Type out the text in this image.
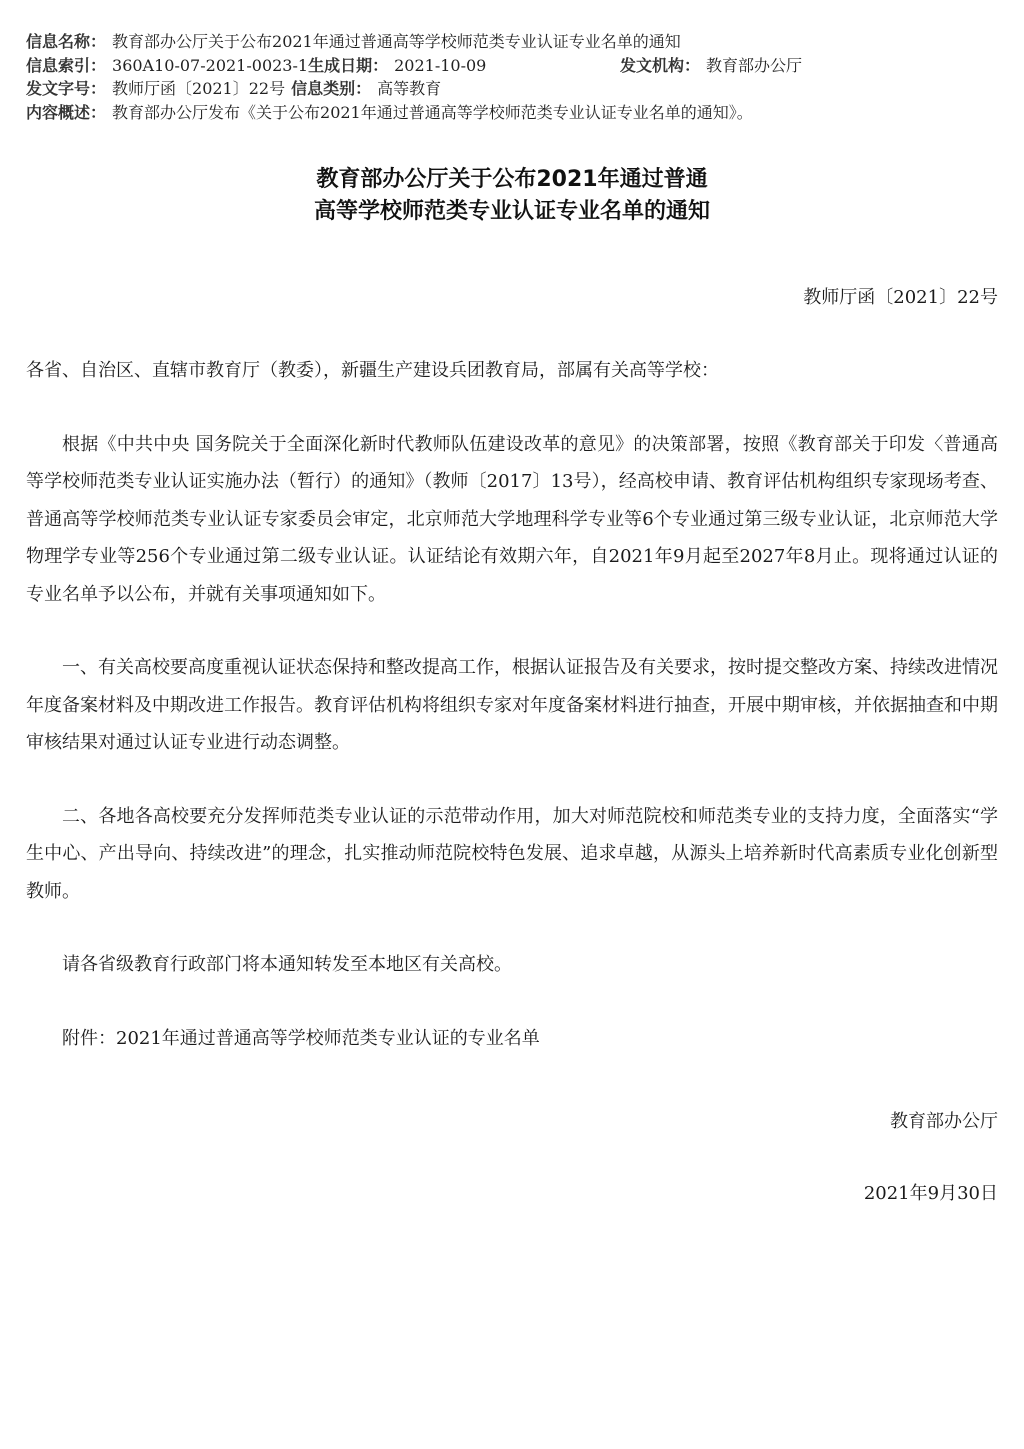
信息名称： 教育部办公厅关于公布2021年通过普通高等学校师范类专业认证专业名单的通知
信息索引： 360A10-07-2021-0023-1生成日期： 2021-10-09	发文机构： 教育部办公厅
发文字号： 教师厅函〔2021〕22号 信息类别： 高等教育
内容概述： 教育部办公厅发布《关于公布2021年通过普通高等学校师范类专业认证专业名单的通知》。
教育部办公厅关于公布2021年通过普通
高等学校师范类专业认证专业名单的通知
教师厅函〔2021〕22号

各省、自治区、直辖市教育厅（教委），新疆生产建设兵团教育局，部属有关高等学校：

根据《中共中央 国务院关于全面深化新时代教师队伍建设改革的意见》的决策部署，按照《教育部关于印发〈普通高等学校师范类专业认证实施办法（暂行）的通知》（教师〔2017〕13号），经高校申请、教育评估机构组织专家现场考查、普通高等学校师范类专业认证专家委员会审定，北京师范大学地理科学专业等6个专业通过第三级专业认证，北京师范大学物理学专业等256个专业通过第二级专业认证。认证结论有效期六年，自2021年9月起至2027年8月止。现将通过认证的专业名单予以公布，并就有关事项通知如下。

一、有关高校要高度重视认证状态保持和整改提高工作，根据认证报告及有关要求，按时提交整改方案、持续改进情况年度备案材料及中期改进工作报告。教育评估机构将组织专家对年度备案材料进行抽查，开展中期审核，并依据抽查和中期审核结果对通过认证专业进行动态调整。

二、各地各高校要充分发挥师范类专业认证的示范带动作用，加大对师范院校和师范类专业的支持力度，全面落实“学生中心、产出导向、持续改进”的理念，扎实推动师范院校特色发展、追求卓越，从源头上培养新时代高素质专业化创新型教师。

请各省级教育行政部门将本通知转发至本地区有关高校。

附件：2021年通过普通高等学校师范类专业认证的专业名单

教育部办公厅
2021年9月30日
